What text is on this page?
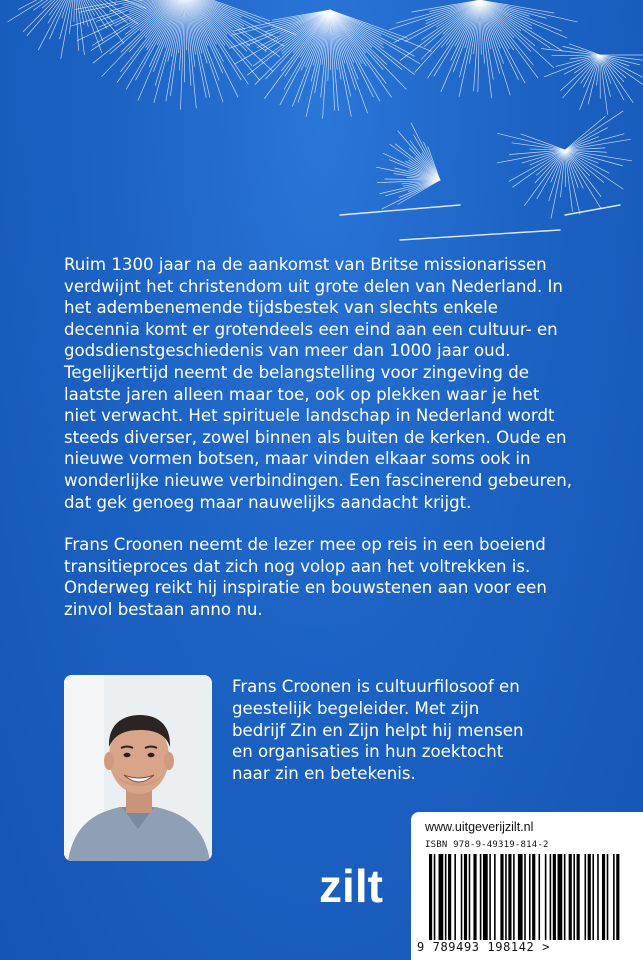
Ruim 1300 jaar na de aankomst van Britse missionarissen verdwijnt het christendom uit grote delen van Nederland. In het adembenemende tijdsbestek van slechts enkele decennia komt er grotendeels een eind aan een cultuur- en godsdienstgeschiedenis van meer dan 1000 jaar oud. Tegelijkertijd neemt de belangstelling voor zingeving de laatste jaren alleen maar toe, ook op plekken waar je het niet verwacht. Het spirituele landschap in Nederland wordt steeds diverser, zowel binnen als buiten de kerken. Oude en nieuwe vormen botsen, maar vinden elkaar soms ook in wonderlijke nieuwe verbindingen. Een fascinerend gebeuren, dat gek genoeg maar nauwelijks aandacht krijgt.

Frans Croonen neemt de lezer mee op reis in een boeiend transitieproces dat zich nog volop aan het voltrekken is. Onderweg reikt hij inspiratie en bouwstenen aan voor een zinvol bestaan anno nu.

Frans Croonen is cultuurfilosoof en geestelijk begeleider. Met zijn bedrijf Zin en Zijn helpt hij mensen en organisaties in hun zoektocht naar zin en betekenis.

zilt

www.uitgeverijzilt.nl

ISBN 978-9-49319-814-2

9 789493 198142 >
